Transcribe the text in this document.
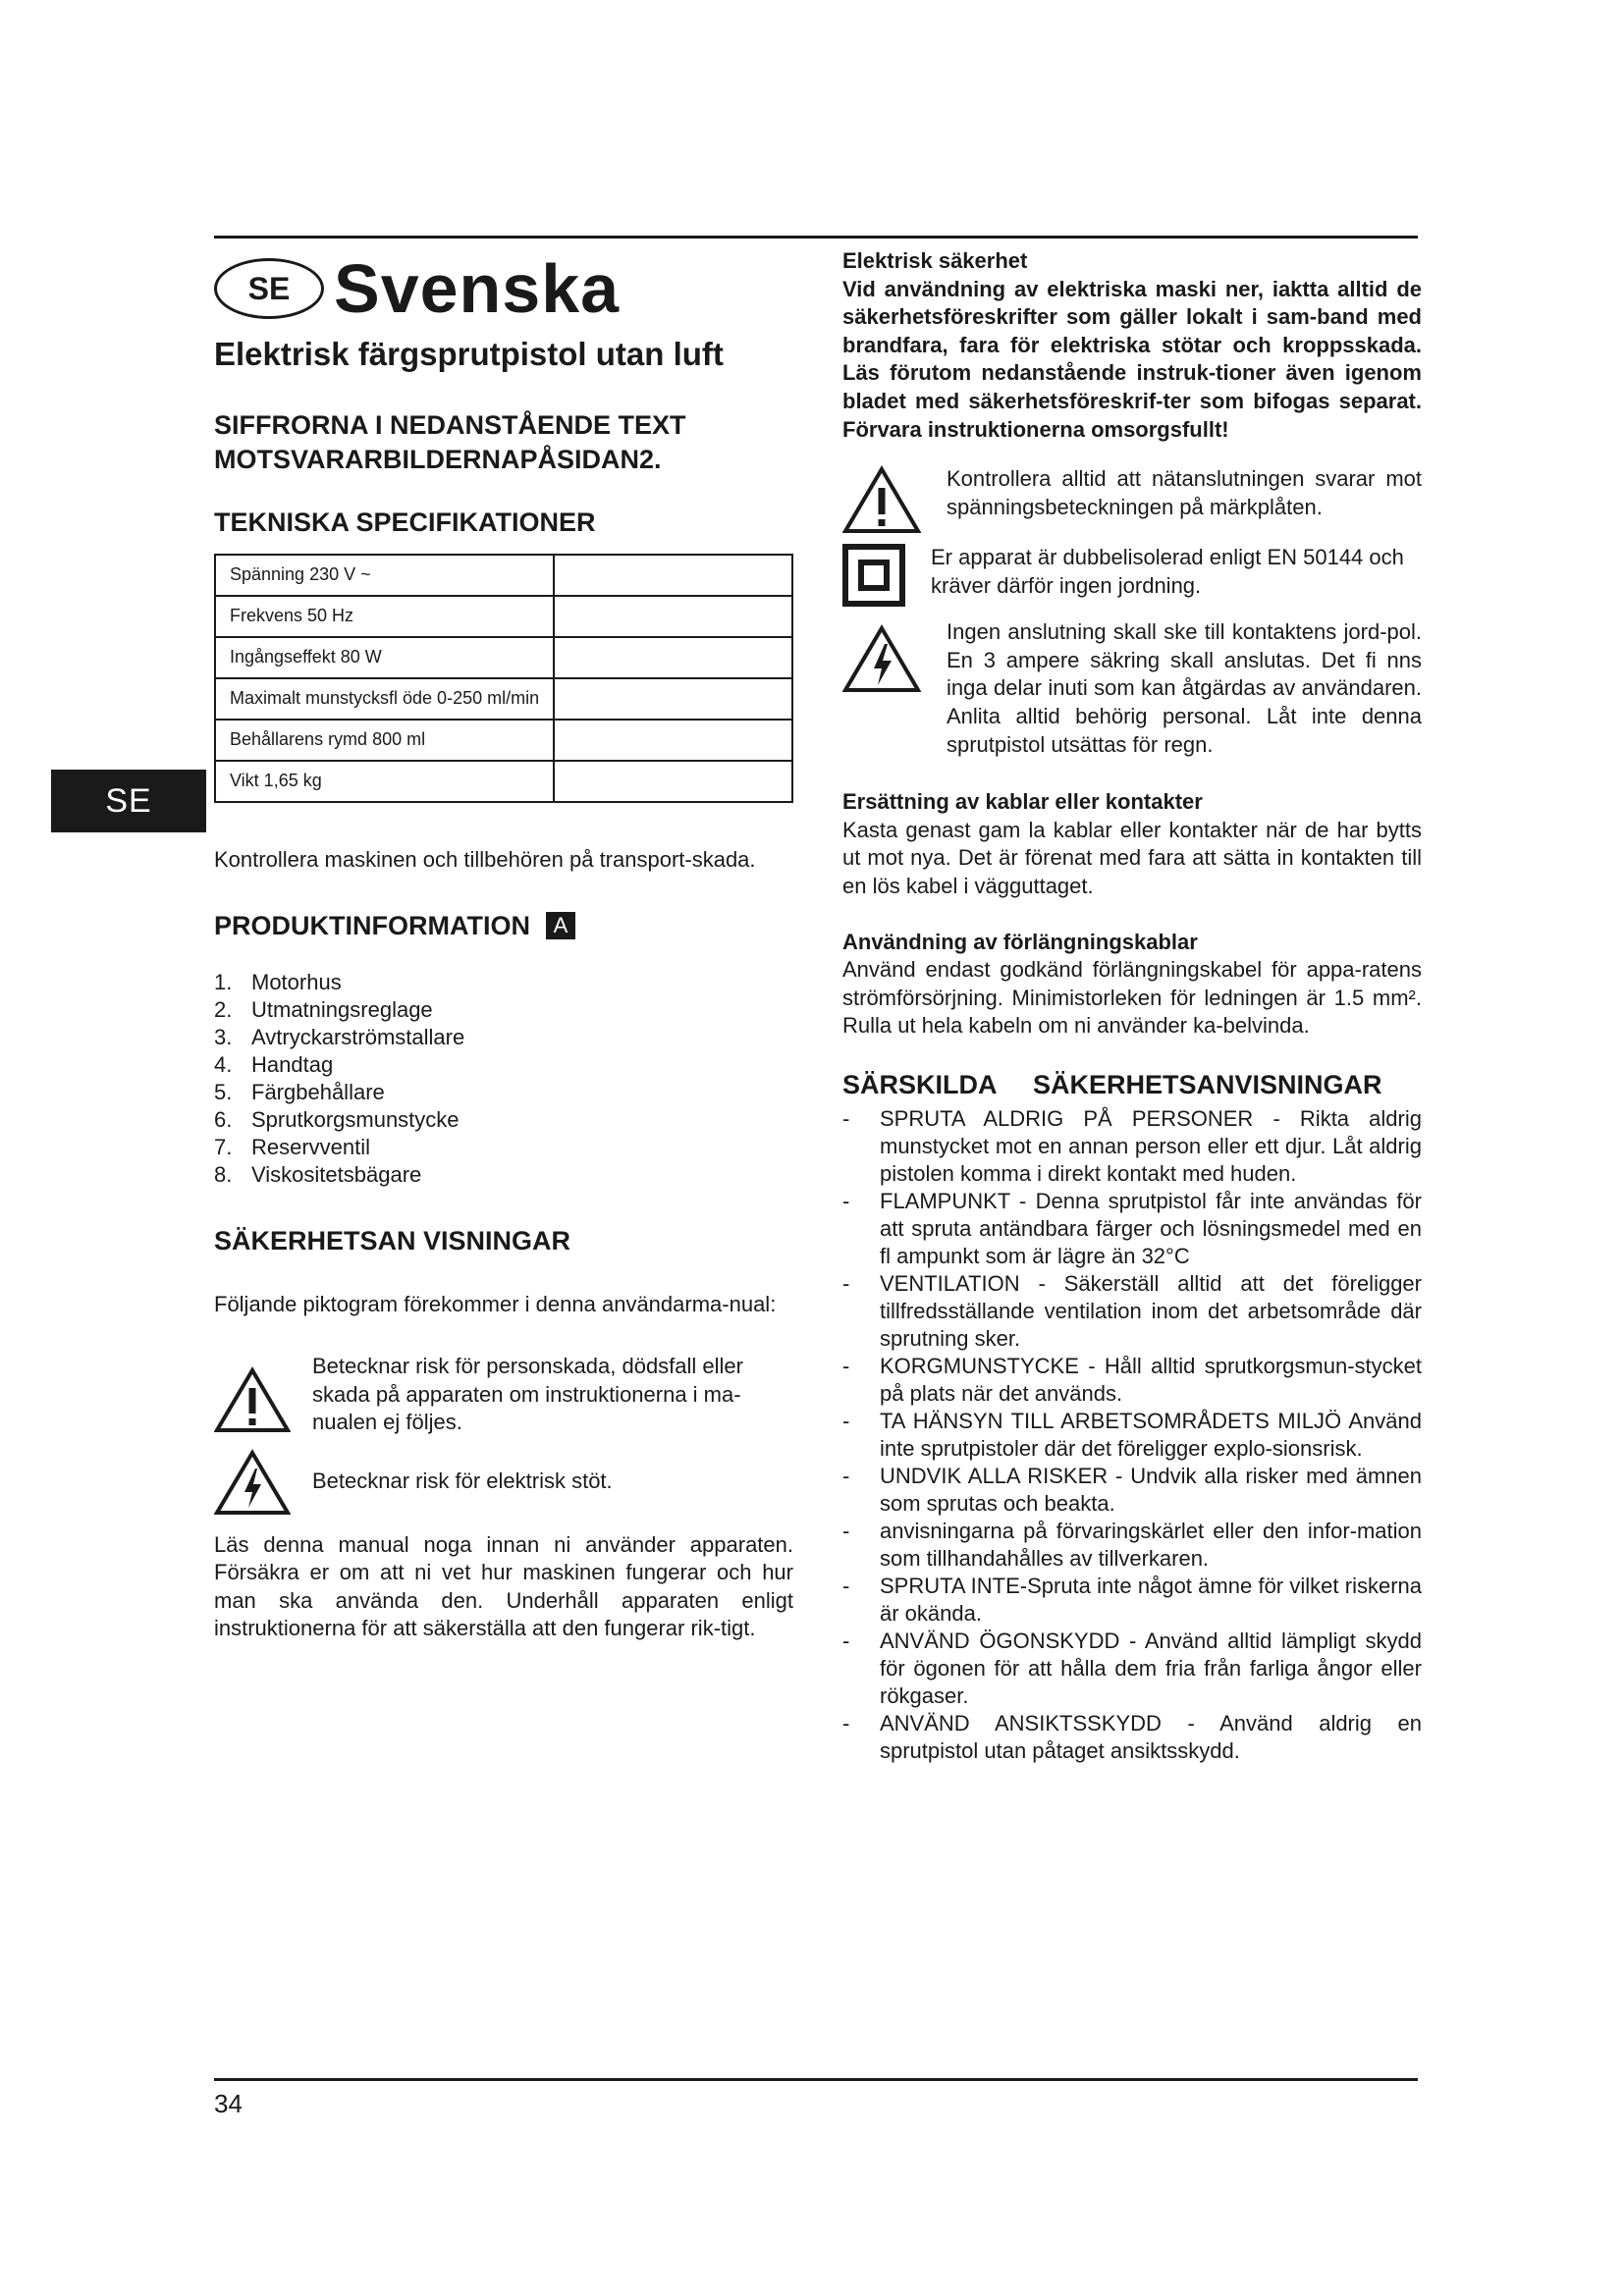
34
SE
SE Svenska
Elektrisk färgsprutpistol utan luft
SIFFRORNA I NEDANSTÅENDE TEXT MOTSVARARBILDERNAPÅSIDAN2.
TEKNISKA SPECIFIKATIONER
Spänning 230 V ~	
Frekvens 50 Hz	
Ingångseffekt 80 W	
Maximalt munstycksfl öde 0-250 ml/min	
Behållarens rymd 800 ml	
Vikt 1,65 kg	

Kontrollera maskinen och tillbehören på transport-skada.

PRODUKTINFORMATION A
1. Motorhus
2. Utmatningsreglage
3. Avtryckarströmstallare
4. Handtag
5. Färgbehållare
6. Sprutkorgsmunstycke
7. Reservventil
8. Viskositetsbägare
SÄKERHETSAN VISNINGAR

Följande piktogram förekommer i denna användarma-nual:

Betecknar risk för personskada, dödsfall eller skada på apparaten om instruktionerna i ma-nualen ej följes.
Betecknar risk för elektrisk stöt.

Läs denna manual noga innan ni använder apparaten. Försäkra er om att ni vet hur maskinen fungerar och hur man ska använda den. Underhåll apparaten enligt instruktionerna för att säkerställa att den fungerar rik-tigt.

Elektrisk säkerhet
Vid användning av elektriska maski ner, iaktta alltid de säkerhetsföreskrifter som gäller lokalt i sam-band med brandfara, fara för elektriska stötar och kroppsskada. Läs förutom nedanstående instruk-tioner även igenom bladet med säkerhetsföreskrif-ter som bifogas separat. Förvara instruktionerna omsorgsfullt!
Kontrollera alltid att nätanslutningen svarar mot spänningsbeteckningen på märkplåten.
Er apparat är dubbelisolerad enligt EN 50144 och kräver därför ingen jordning.
Ingen anslutning skall ske till kontaktens jord-pol. En 3 ampere säkring skall anslutas. Det fi nns inga delar inuti som kan åtgärdas av användaren. Anlita alltid behörig personal. Låt inte denna sprutpistol utsättas för regn.
Ersättning av kablar eller kontakter

Kasta genast gam la kablar eller kontakter när de har bytts ut mot nya. Det är förenat med fara att sätta in kontakten till en lös kabel i vägguttaget.

Användning av förlängningskablar

Använd endast godkänd förlängningskabel för appa-ratens strömförsörjning. Minimistorleken för ledningen är 1.5 mm². Rulla ut hela kabeln om ni använder ka-belvinda.

SÄRSKILDA SÄKERHETSANVISNINGAR
-	SPRUTA ALDRIG PÅ PERSONER - Rikta aldrig munstycket mot en annan person eller ett djur. Låt aldrig pistolen komma i direkt kontakt med huden.
-	FLAMPUNKT - Denna sprutpistol får inte användas för att spruta antändbara färger och lösningsmedel med en fl ampunkt som är lägre än 32°C
-	VENTILATION - Säkerställ alltid att det föreligger tillfredsställande ventilation inom det arbetsområde där sprutning sker.
-	KORGMUNSTYCKE - Håll alltid sprutkorgsmun-stycket på plats när det används.
-	TA HÄNSYN TILL ARBETSOMRÅDETS MILJÖ Använd inte sprutpistoler där det föreligger explo-sionsrisk.
-	UNDVIK ALLA RISKER - Undvik alla risker med ämnen som sprutas och beakta.
-	anvisningarna på förvaringskärlet eller den infor-mation som tillhandahålles av tillverkaren.
-	SPRUTA INTE-Spruta inte något ämne för vilket riskerna är okända.
-	ANVÄND ÖGONSKYDD - Använd alltid lämpligt skydd för ögonen för att hålla dem fria från farliga ångor eller rökgaser.
-	ANVÄND ANSIKTSSKYDD - Använd aldrig en sprutpistol utan påtaget ansiktsskydd.
